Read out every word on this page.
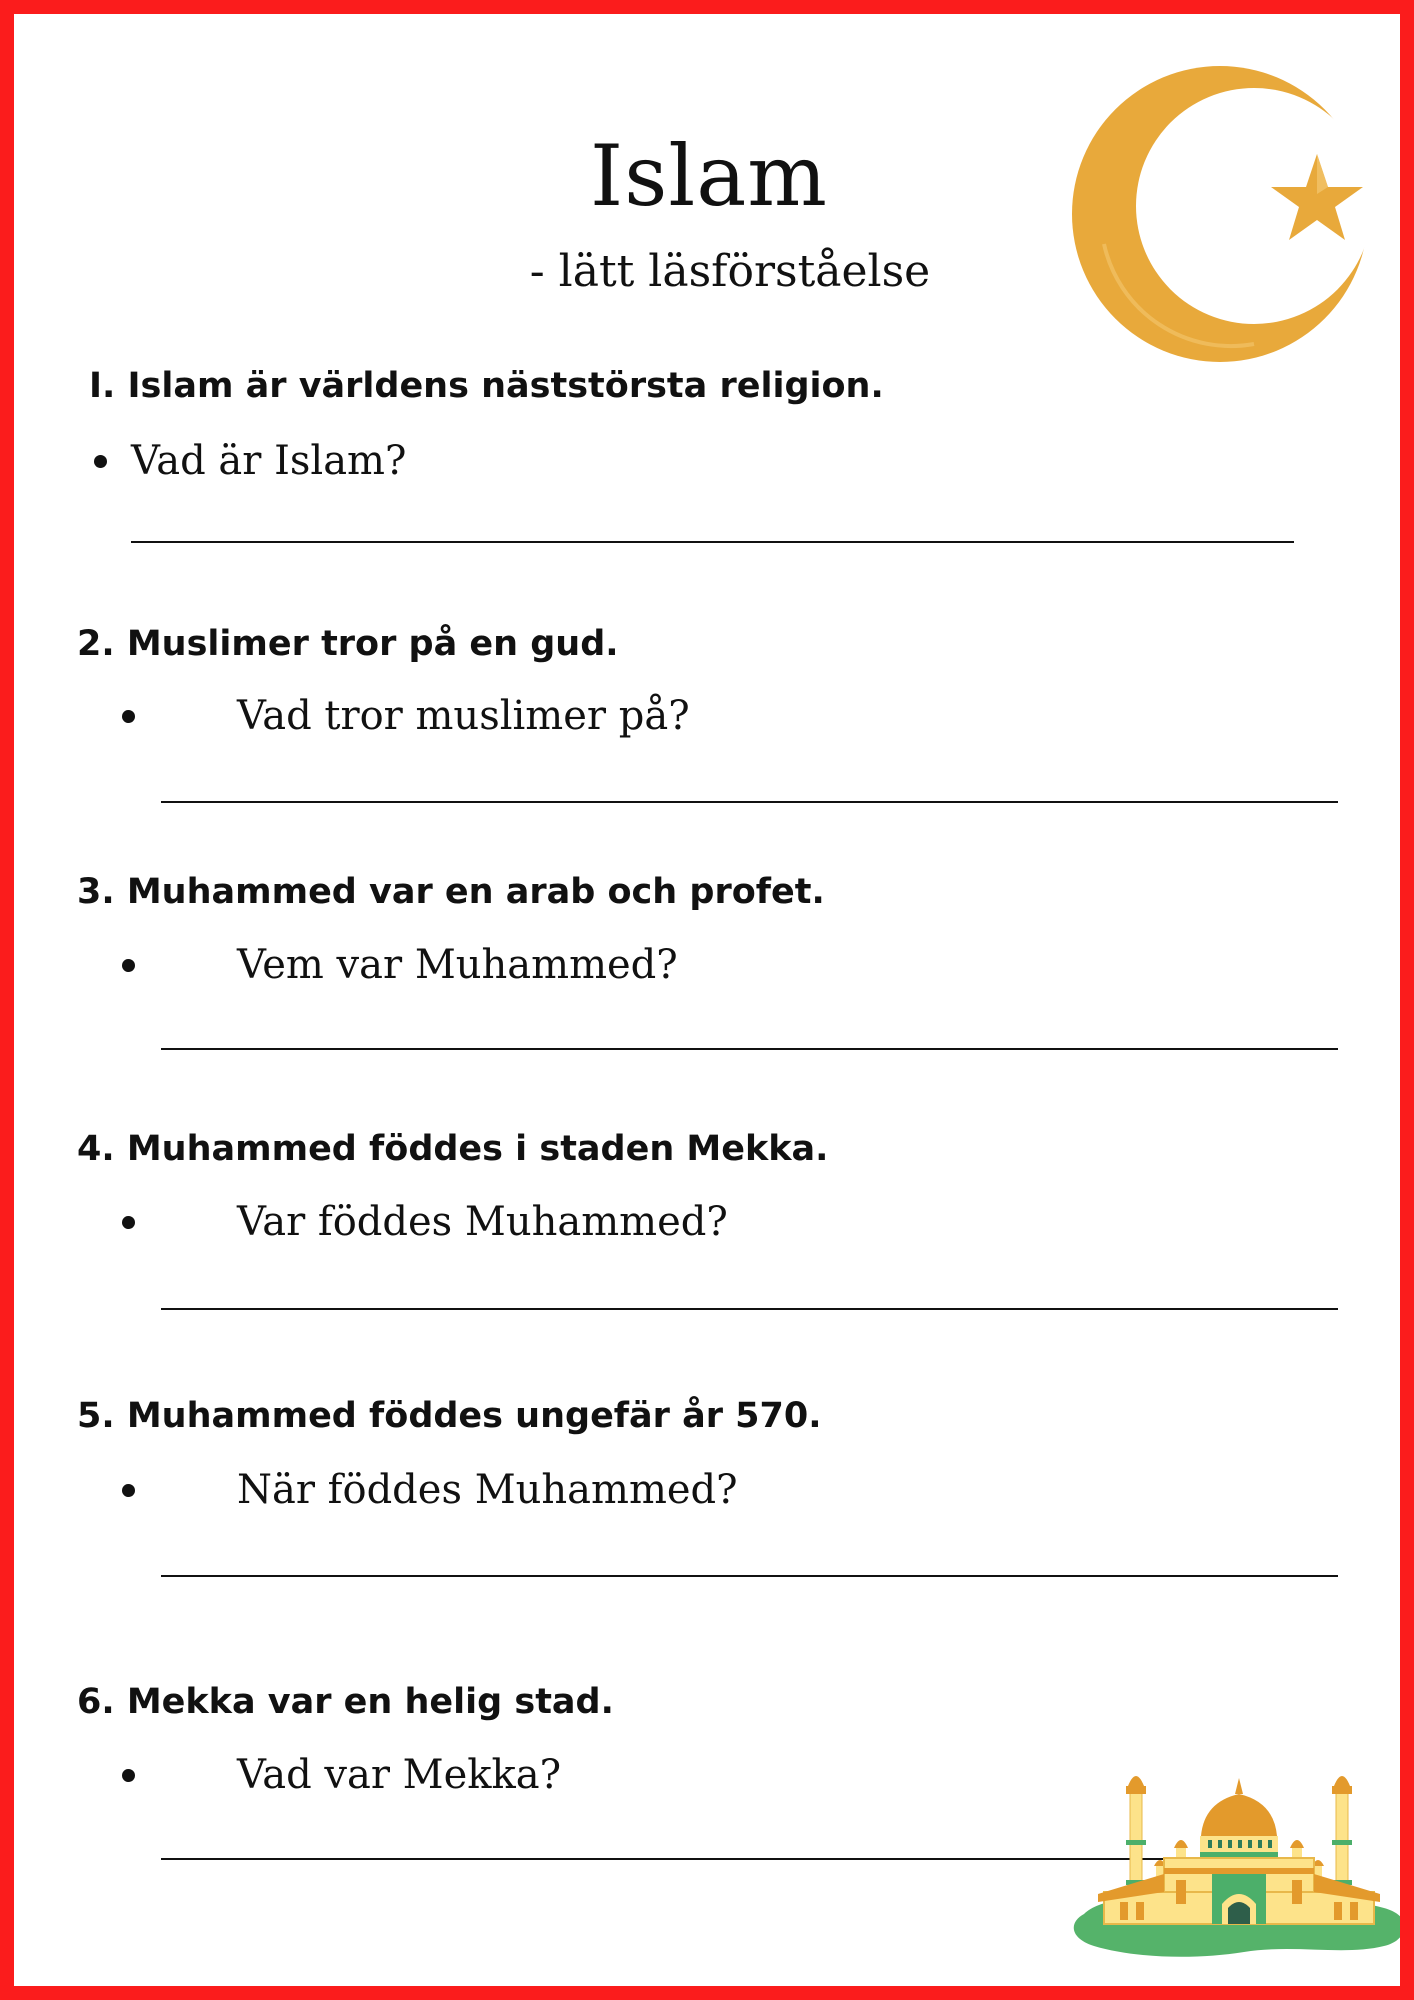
Islam
- lätt läsförståelse
I. Islam är världens näststörsta religion.
Vad är Islam?
2. Muslimer tror på en gud.
Vad tror muslimer på?
3. Muhammed var en arab och profet.
Vem var Muhammed?
4. Muhammed föddes i staden Mekka.
Var föddes Muhammed?
5. Muhammed föddes ungefär år 570.
När föddes Muhammed?
6. Mekka var en helig stad.
Vad var Mekka?
